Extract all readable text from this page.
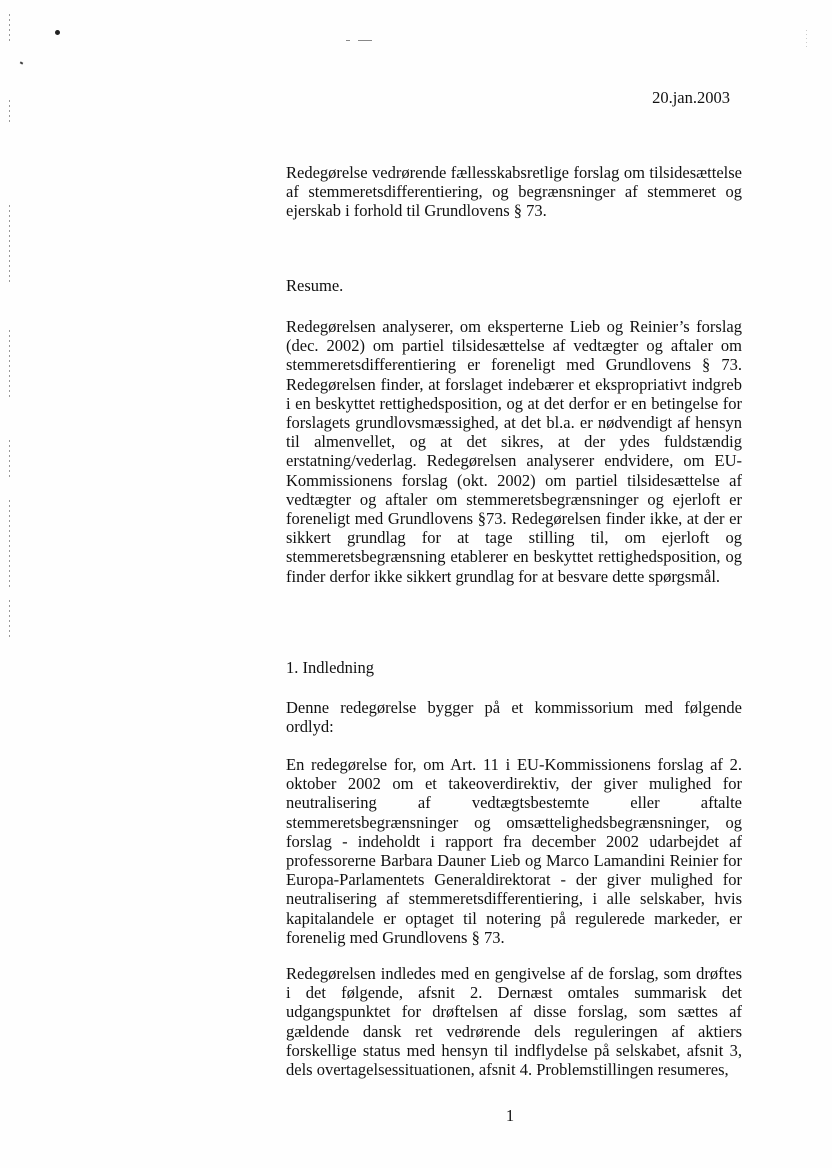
20.jan.2003

Redegørelse vedrørende fællesskabsretlige forslag om tilsidesættelse af stemmeretsdifferentiering, og begrænsninger af stemmeret og ejerskab i forhold til Grundlovens § 73.

Resume.

Redegørelsen analyserer, om eksperterne Lieb og Reinier’s forslag (dec. 2002) om partiel tilsidesættelse af vedtægter og aftaler om stemmeretsdifferentiering er foreneligt med Grundlovens § 73. Redegørelsen finder, at forslaget indebærer et ekspropriativt indgreb i en beskyttet rettighedsposition, og at det derfor er en betingelse for forslagets grundlovsmæssighed, at det bl.a. er nødvendigt af hensyn til almenvellet, og at det sikres, at der ydes fuldstændig erstatning/vederlag. Redegørelsen analyserer endvidere, om EU-Kommissionens forslag (okt. 2002) om partiel tilsidesættelse af vedtægter og aftaler om stemmeretsbegrænsninger og ejerloft er foreneligt med Grundlovens §73. Redegørelsen finder ikke, at der er sikkert grundlag for at tage stilling til, om ejerloft og stemmeretsbegrænsning etablerer en beskyttet rettighedsposition, og finder derfor ikke sikkert grundlag for at besvare dette spørgsmål.

1. Indledning

Denne redegørelse bygger på et kommissorium med følgende ordlyd:

En redegørelse for, om Art. 11 i EU-Kommissionens forslag af 2. oktober 2002 om et takeoverdirektiv, der giver mulighed for neutralisering af vedtægtsbestemte eller aftalte stemmeretsbegrænsninger og omsættelighedsbegrænsninger, og forslag - indeholdt i rapport fra december 2002 udarbejdet af professorerne Barbara Dauner Lieb og Marco Lamandini Reinier for Europa-Parlamentets Generaldirektorat - der giver mulighed for neutralisering af stemmeretsdifferentiering, i alle selskaber, hvis kapitalandele er optaget til notering på regulerede markeder, er forenelig med Grundlovens § 73.

Redegørelsen indledes med en gengivelse af de forslag, som drøftes i det følgende, afsnit 2. Dernæst omtales summarisk det udgangspunktet for drøftelsen af disse forslag, som sættes af gældende dansk ret vedrørende dels reguleringen af aktiers forskellige status med hensyn til indflydelse på selskabet, afsnit 3, dels overtagelsessituationen, afsnit 4. Problemstillingen resumeres,

1
